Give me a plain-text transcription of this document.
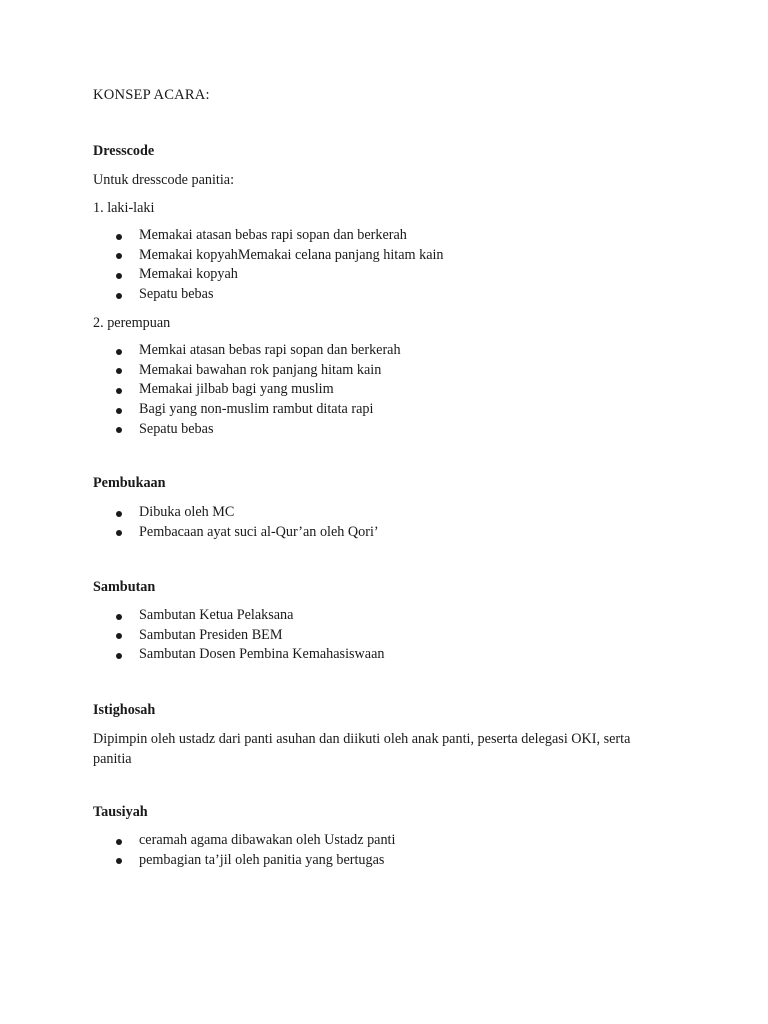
KONSEP ACARA:
Dresscode
Untuk dresscode panitia:
1. laki-laki
Memakai atasan bebas rapi sopan dan berkerah
Memakai kopyahMemakai celana panjang hitam kain
Memakai kopyah
Sepatu bebas
2. perempuan
Memkai atasan bebas rapi sopan dan berkerah
Memakai bawahan rok panjang hitam kain
Memakai jilbab bagi yang muslim
Bagi yang non-muslim rambut ditata rapi
Sepatu bebas
Pembukaan
Dibuka oleh MC
Pembacaan ayat suci al-Qur’an oleh Qori’
Sambutan
Sambutan Ketua Pelaksana
Sambutan Presiden BEM
Sambutan Dosen Pembina Kemahasiswaan
Istighosah
Dipimpin oleh ustadz dari panti asuhan dan diikuti oleh anak panti, peserta delegasi OKI, serta panitia
Tausiyah
ceramah agama dibawakan oleh Ustadz panti
pembagian ta’jil oleh panitia yang bertugas
